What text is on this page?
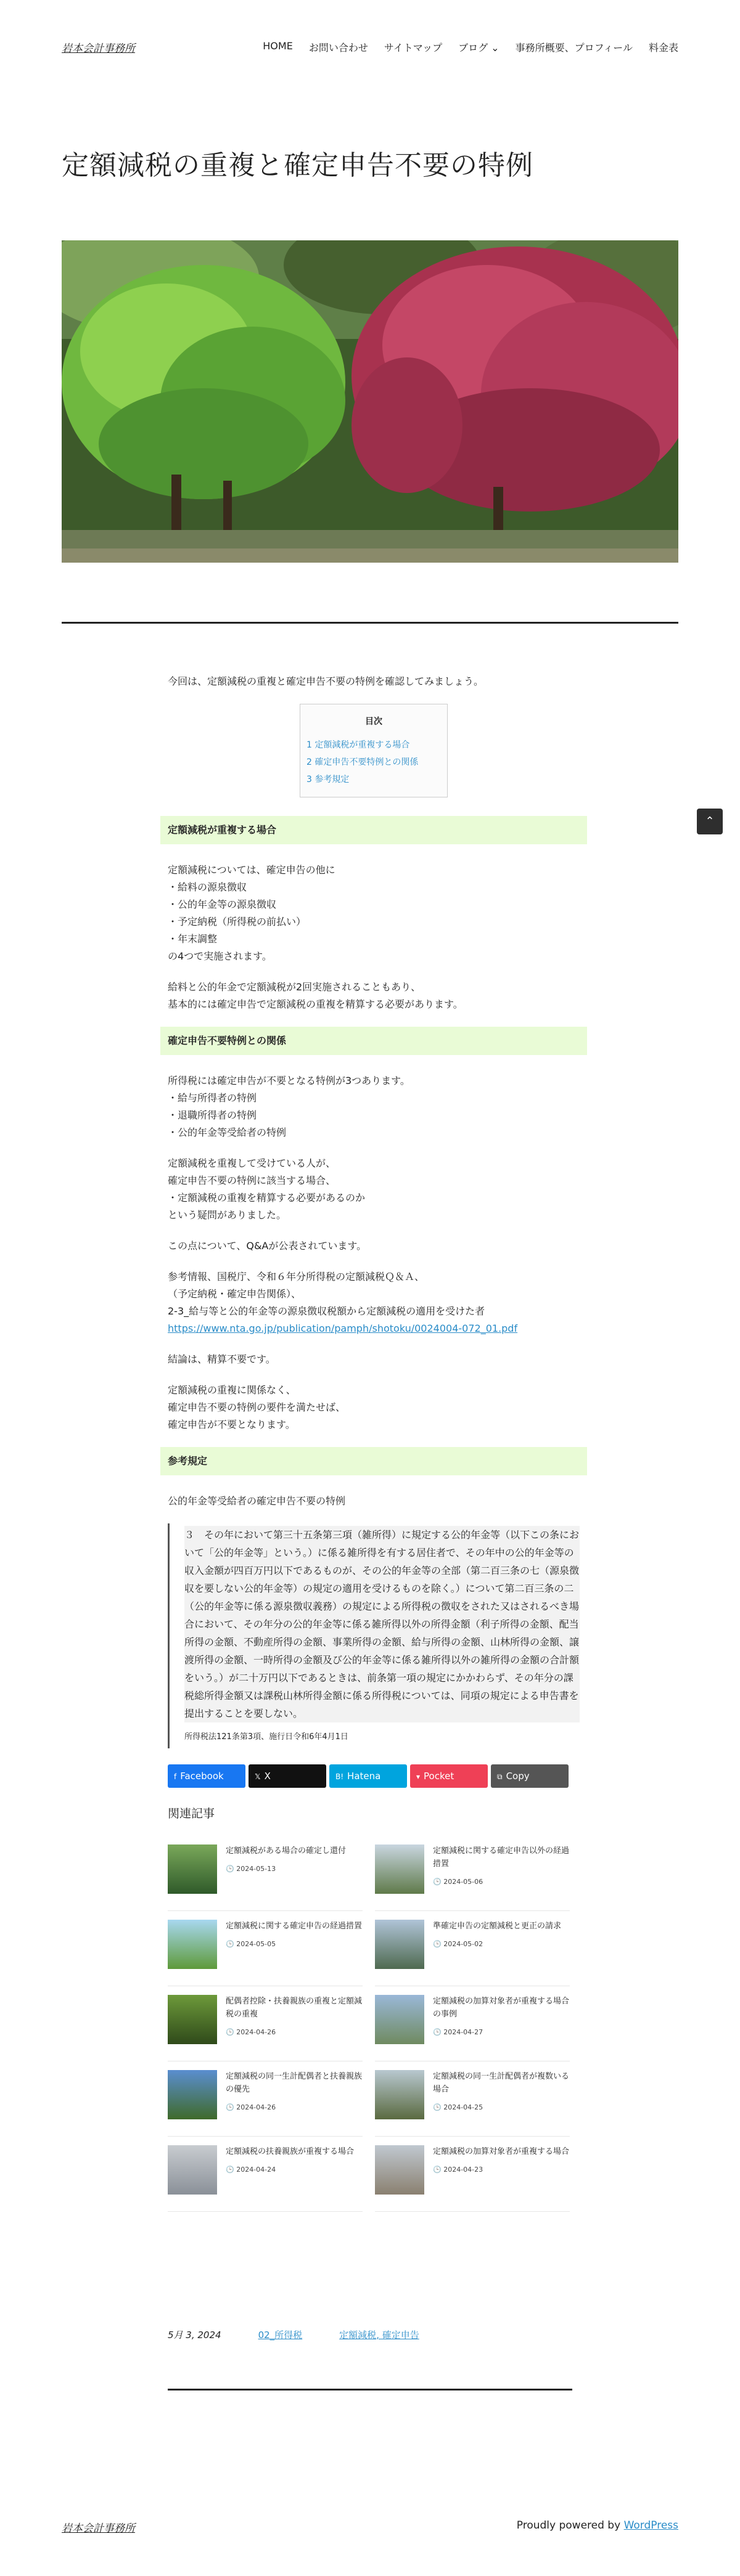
岩本会計事務所	HOME お問い合わせ サイトマップ ブログ ⌄ 事務所概要、プロフィール 料金表
定額減税の重複と確定申告不要の特例

今回は、定額減税の重複と確定申告不要の特例を確認してみましょう。

目次
1 定額減税が重複する場合
2 確定申告不要特例との関係
3 参考規定
定額減税が重複する場合

定額減税については、確定申告の他に
・給料の源泉徴収
・公的年金等の源泉徴収
・予定納税（所得税の前払い）
・年末調整
の4つで実施されます。

給料と公的年金で定額減税が2回実施されることもあり、
基本的には確定申告で定額減税の重複を精算する必要があります。

確定申告不要特例との関係

所得税には確定申告が不要となる特例が3つあります。
・給与所得者の特例
・退職所得者の特例
・公的年金等受給者の特例

定額減税を重複して受けている人が、
確定申告不要の特例に該当する場合、
・定額減税の重複を精算する必要があるのか
という疑問がありました。

この点について、Q&Aが公表されています。

参考情報、国税庁、令和６年分所得税の定額減税Ｑ＆Ａ、
（予定納税・確定申告関係）、
2-3_給与等と公的年金等の源泉徴収税額から定額減税の適用を受けた者
https://www.nta.go.jp/publication/pamph/shotoku/0024004-072_01.pdf

結論は、精算不要です。

定額減税の重複に関係なく、
確定申告不要の特例の要件を満たせば、
確定申告が不要となります。

参考規定

公的年金等受給者の確定申告不要の特例

３　その年において第三十五条第三項（雑所得）に規定する公的年金等（以下この条において「公的年金等」という。）に係る雑所得を有する居住者で、その年中の公的年金等の収入金額が四百万円以下であるものが、その公的年金等の全部（第二百三条の七（源泉徴収を要しない公的年金等）の規定の適用を受けるものを除く。）について第二百三条の二（公的年金等に係る源泉徴収義務）の規定による所得税の徴収をされた又はされるべき場合において、その年分の公的年金等に係る雑所得以外の所得金額（利子所得の金額、配当所得の金額、不動産所得の金額、事業所得の金額、給与所得の金額、山林所得の金額、譲渡所得の金額、一時所得の金額及び公的年金等に係る雑所得以外の雑所得の金額の合計額をいう。）が二十万円以下であるときは、前条第一項の規定にかかわらず、その年分の課税総所得金額又は課税山林所得金額に係る所得税については、同項の規定による申告書を提出することを要しない。
所得税法121条第3項、施行日令和6年4月1日
f Facebook	𝕏 X	B! Hatena	▾ Pocket	⧉ Copy
関連記事
定額減税がある場合の確定し還付
🕒 2024-05-13
定額減税に関する確定申告以外の経過措置
🕒 2024-05-06
定額減税に関する確定申告の経過措置
🕒 2024-05-05
準確定申告の定額減税と更正の請求
🕒 2024-05-02
配偶者控除・扶養親族の重複と定額減税の重複
🕒 2024-04-26
定額減税の加算対象者が重複する場合の事例
🕒 2024-04-27
定額減税の同一生計配偶者と扶養親族の優先
🕒 2024-04-26
定額減税の同一生計配偶者が複数いる場合
🕒 2024-04-25
定額減税の扶養親族が重複する場合
🕒 2024-04-24
定額減税の加算対象者が重複する場合
🕒 2024-04-23
5月 3, 2024	02_所得税	定額減税, 確定申告
岩本会計事務所	Proudly powered by WordPress
⌃
